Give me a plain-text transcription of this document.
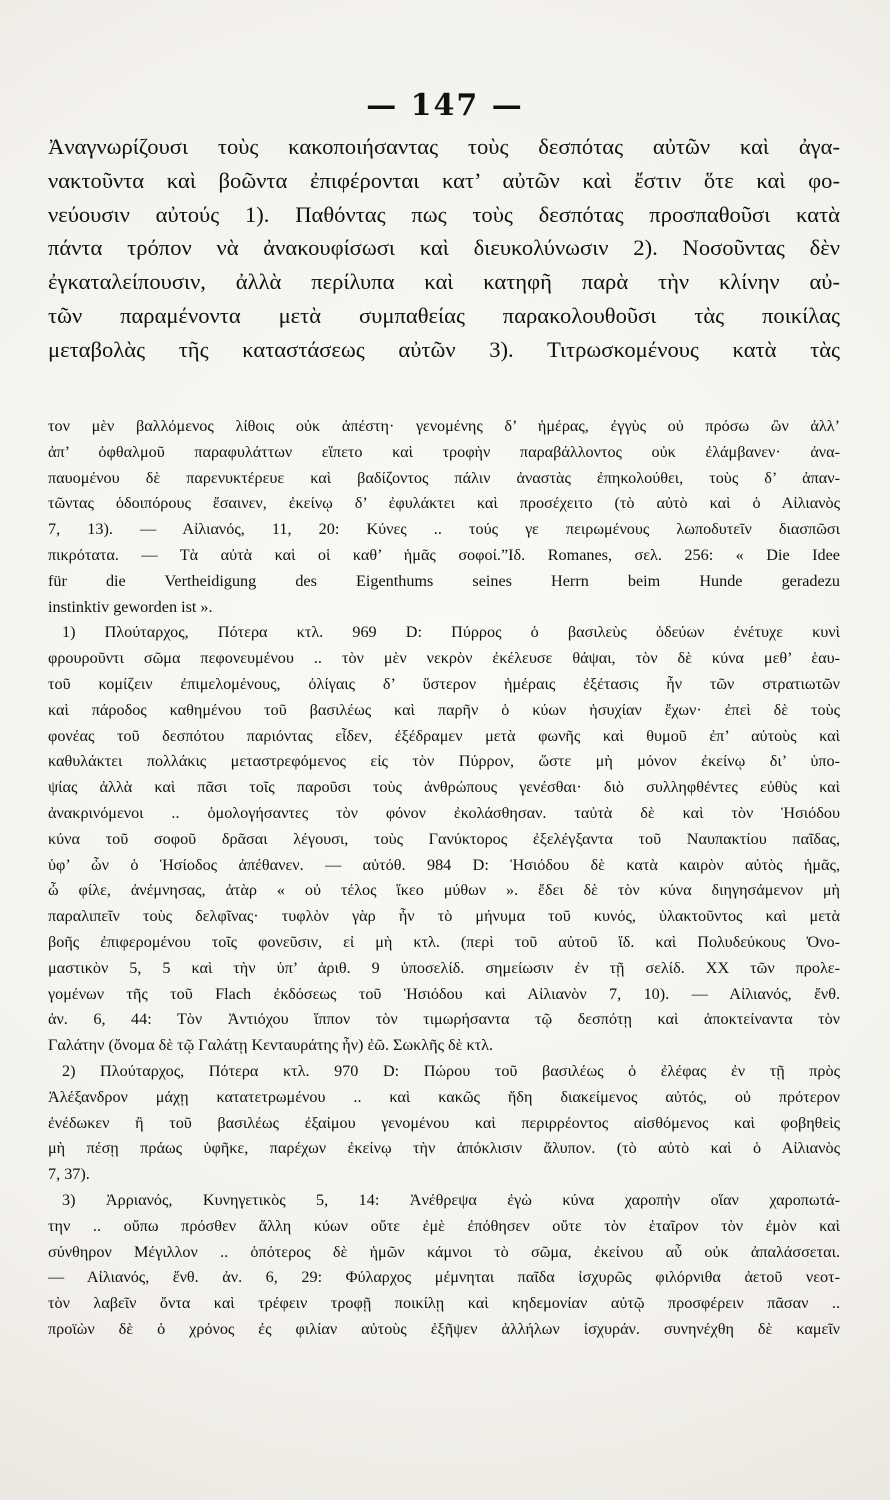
— 147 —
Ἀναγνωρίζουσι τοὺς κακοποιήσαντας τοὺς δεσπότας αὐτῶν καὶ ἀγα-
νακτοῦντα καὶ βοῶντα ἐπιφέρονται κατ’ αὐτῶν καὶ ἔστιν ὅτε καὶ φο-
νεύουσιν αὐτούς 1). Παθόντας πως τοὺς δεσπότας προσπαθοῦσι κατὰ
πάντα τρόπον νὰ ἀνακουφίσωσι καὶ διευκολύνωσιν 2). Νοσοῦντας δὲν
ἐγκαταλείπουσιν, ἀλλὰ περίλυπα καὶ κατηφῆ παρὰ τὴν κλίνην αὐ-
τῶν παραμένοντα μετὰ συμπαθείας παρακολουθοῦσι τὰς ποικίλας
μεταβολὰς τῆς καταστάσεως αὐτῶν 3). Τιτρωσκομένους κατὰ τὰς
τον μὲν βαλλόμενος λίθοις οὐκ ἀπέστη· γενομένης δ’ ἡμέρας, ἐγγὺς οὐ πρόσω ὢν ἀλλ’
ἀπ’ ὀφθαλμοῦ παραφυλάττων εἵπετο καὶ τροφὴν παραβάλλοντος οὐκ ἐλάμβανεν· ἀνα-
παυομένου δὲ παρενυκτέρευε καὶ βαδίζοντος πάλιν ἀναστὰς ἐπηκολούθει, τοὺς δ’ ἀπαν-
τῶντας ὁδοιπόρους ἔσαινεν, ἐκείνῳ δ’ ἐφυλάκτει καὶ προσέχειτο (τὸ αὐτὸ καὶ ὁ Αἰλιανὸς
7, 13). — Αἰλιανός, 11, 20: Κύνες .. τούς γε πειρωμένους λωποδυτεῖν διασπῶσι
πικρότατα. — Τὰ αὐτὰ καὶ οἱ καθ’ ἡμᾶς σοφοί.”Ιδ. Romanes, σελ. 256: « Die Idee
für die Vertheidigung des Eigenthums seines Herrn beim Hunde geradezu
instinktiv geworden ist ».
1) Πλούταρχος, Πότερα κτλ. 969 D: Πύρρος ὁ βασιλεὺς ὁδεύων ἐνέτυχε κυνὶ
φρουροῦντι σῶμα πεφονευμένου .. τὸν μὲν νεκρὸν ἐκέλευσε θάψαι, τὸν δὲ κύνα μεθ’ ἑαυ-
τοῦ κομίζειν ἐπιμελομένους, ὀλίγαις δ’ ὕστερον ἡμέραις ἐξέτασις ἦν τῶν στρατιωτῶν
καὶ πάροδος καθημένου τοῦ βασιλέως καὶ παρῆν ὁ κύων ἡσυχίαν ἔχων· ἐπεὶ δὲ τοὺς
φονέας τοῦ δεσπότου παριόντας εἶδεν, ἐξέδραμεν μετὰ φωνῆς καὶ θυμοῦ ἐπ’ αὐτοὺς καὶ
καθυλάκτει πολλάκις μεταστρεφόμενος εἰς τὸν Πύρρον, ὥστε μὴ μόνον ἐκείνῳ δι’ ὑπο-
ψίας ἀλλὰ καὶ πᾶσι τοῖς παροῦσι τοὺς ἀνθρώπους γενέσθαι· διὸ συλληφθέντες εὐθὺς καὶ
ἀνακρινόμενοι .. ὁμολογήσαντες τὸν φόνον ἐκολάσθησαν. ταὐτὰ δὲ καὶ τὸν Ἡσιόδου
κύνα τοῦ σοφοῦ δρᾶσαι λέγουσι, τοὺς Γανύκτορος ἐξελέγξαντα τοῦ Ναυπακτίου παῖδας,
ὑφ’ ὧν ὁ Ἡσίοδος ἀπέθανεν. — αὐτόθ. 984 D: Ἡσιόδου δὲ κατὰ καιρὸν αὐτὸς ἡμᾶς,
ὦ φίλε, ἀνέμνησας, ἀτὰρ « οὐ τέλος ἵκεο μύθων ». ἔδει δὲ τὸν κύνα διηγησάμενον μὴ
παραλιπεῖν τοὺς δελφῖνας· τυφλὸν γὰρ ἦν τὸ μήνυμα τοῦ κυνός, ὑλακτοῦντος καὶ μετὰ
βοῆς ἐπιφερομένου τοῖς φονεῦσιν, εἰ μὴ κτλ. (περὶ τοῦ αὐτοῦ ἴδ. καὶ Πολυδεύκους Ὀνο-
μαστικὸν 5, 5 καὶ τὴν ὑπ’ ἀριθ. 9 ὑποσελίδ. σημείωσιν ἐν τῇ σελίδ. XX τῶν προλε-
γομένων τῆς τοῦ Flach ἐκδόσεως τοῦ Ἡσιόδου καὶ Αἰλιανὸν 7, 10). — Αἰλιανός, ἔνθ.
ἀν. 6, 44: Τὸν Ἀντιόχου ἵππον τὸν τιμωρήσαντα τῷ δεσπότῃ καὶ ἀποκτείναντα τὸν
Γαλάτην (ὄνομα δὲ τῷ Γαλάτῃ Κενταυράτης ἦν) ἐῶ. Σωκλῆς δὲ κτλ.
2) Πλούταρχος, Πότερα κτλ. 970 D: Πώρου τοῦ βασιλέως ὁ ἐλέφας ἐν τῇ πρὸς
Ἀλέξανδρον μάχῃ κατατετρωμένου .. καὶ κακῶς ἤδη διακείμενος αὐτός, οὐ πρότερον
ἐνέδωκεν ἢ τοῦ βασιλέως ἐξαίμου γενομένου καὶ περιρρέοντος αἰσθόμενος καὶ φοβηθεὶς
μὴ πέσῃ πράως ὑφῆκε, παρέχων ἐκείνῳ τὴν ἀπόκλισιν ἄλυπον. (τὸ αὐτὸ καὶ ὁ Αἰλιανὸς
7, 37).
3) Ἀρριανός, Κυνηγετικὸς 5, 14: Ἀνέθρεψα ἐγὼ κύνα χαροπὴν οἵαν χαροπωτά-
την .. οὔπω πρόσθεν ἄλλη κύων οὔτε ἐμὲ ἐπόθησεν οὔτε τὸν ἑταῖρον τὸν ἐμὸν καὶ
σύνθηρον Μέγιλλον .. ὁπότερος δὲ ἡμῶν κάμνοι τὸ σῶμα, ἐκείνου αὖ οὐκ ἀπαλάσσεται.
— Αἰλιανός, ἔνθ. ἀν. 6, 29: Φύλαρχος μέμνηται παῖδα ἰσχυρῶς φιλόρνιθα ἀετοῦ νεοτ-
τὸν λαβεῖν ὄντα καὶ τρέφειν τροφῇ ποικίλῃ καὶ κηδεμονίαν αὐτῷ προσφέρειν πᾶσαν ..
προϊὼν δὲ ὁ χρόνος ἐς φιλίαν αὐτοὺς ἐξῆψεν ἀλλήλων ἰσχυράν. συνηνέχθη δὲ καμεῖν
